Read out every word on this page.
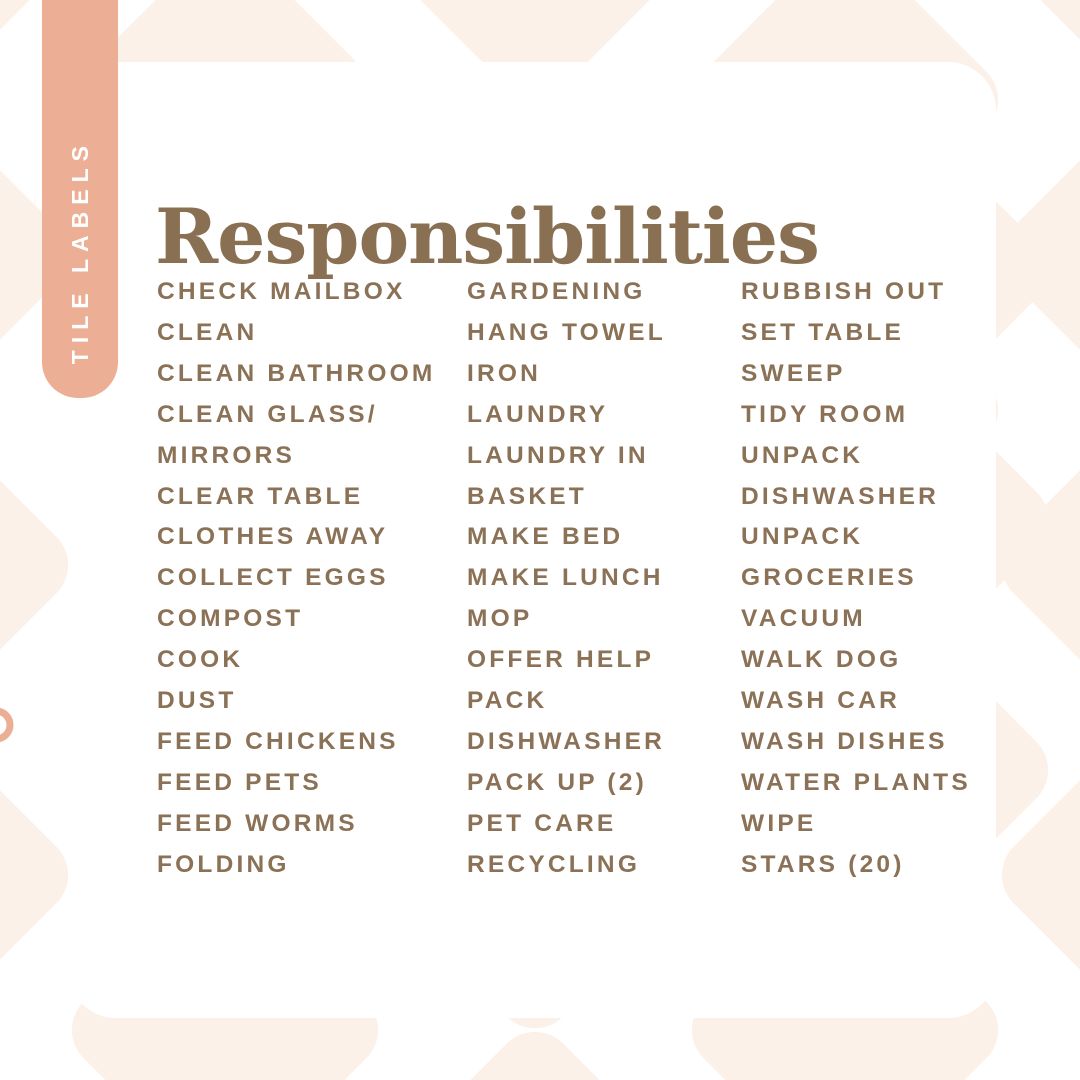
TILE LABELS Responsibilities
CHECK MAILBOX
CLEAN
CLEAN BATHROOM
CLEAN GLASS/
MIRRORS
CLEAR TABLE
CLOTHES AWAY
COLLECT EGGS
COMPOST
COOK
DUST
FEED CHICKENS
FEED PETS
FEED WORMS
FOLDING
GARDENING
HANG TOWEL
IRON
LAUNDRY
LAUNDRY IN
BASKET
MAKE BED
MAKE LUNCH
MOP
OFFER HELP
PACK
DISHWASHER
PACK UP (2)
PET CARE
RECYCLING
RUBBISH OUT
SET TABLE
SWEEP
TIDY ROOM
UNPACK
DISHWASHER
UNPACK
GROCERIES
VACUUM
WALK DOG
WASH CAR
WASH DISHES
WATER PLANTS
WIPE
STARS (20)
